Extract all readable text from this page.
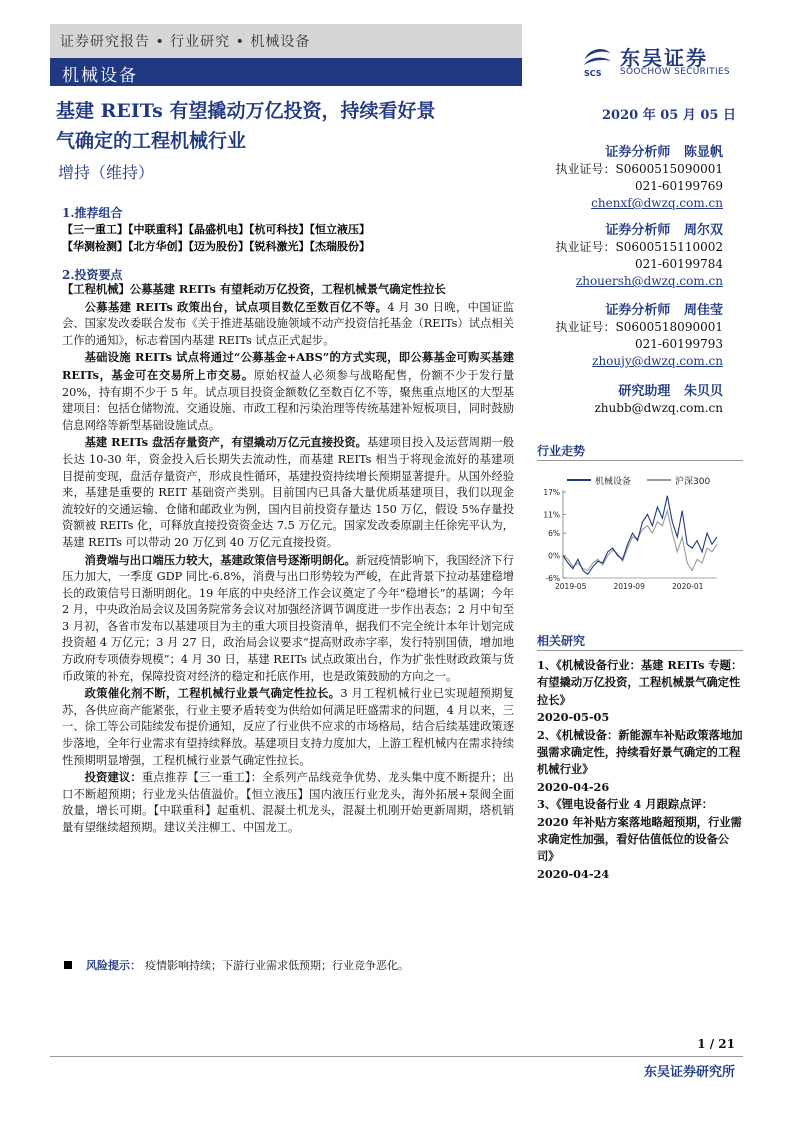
证券研究报告 • 行业研究 • 机械设备
机械设备	SCS
东吴证券
SOOCHOW SECURITIES
基建 REITs 有望撬动万亿投资，持续看好景
气确定的工程机械行业
增持（维持）
2020 年 05 月 05 日
证券分析师 陈显帆
执业证号：S0600515090001
021-60199769
chenxf@dwzq.com.cn
证券分析师 周尔双
执业证号：S0600515110002
021-60199784
zhouersh@dwzq.com.cn
证券分析师 周佳莹
执业证号：S0600518090001
021-60199793
zhoujy@dwzq.com.cn
研究助理 朱贝贝
zhubb@dwzq.com.cn
1.推荐组合
【三一重工】【中联重科】【晶盛机电】【杭可科技】【恒立液压】
【华测检测】【北方华创】【迈为股份】【锐科激光】【杰瑞股份】
2.投资要点

【工程机械】公募基建 REITs 有望耗动万亿投资，工程机械景气确定性拉长

公募基建 REITs 政策出台，试点项目数亿至数百亿不等。4 月 30 日晚，中国证监会、国家发改委联合发布《关于推进基础设施领域不动产投资信托基金（REITs）试点相关工作的通知》，标志着国内基建 REITs 试点正式起步。

基础设施 REITs 试点将通过“公募基金+ABS”的方式实现，即公募基金可购买基建 REITs，基金可在交易所上市交易。原始权益人必须参与战略配售，份额不少于发行量 20%，持有期不少于 5 年。试点项目投资金额数亿至数百亿不等，聚焦重点地区的大型基建项目：包括仓储物流、交通设施、市政工程和污染治理等传统基建补短板项目，同时鼓励信息网络等新型基础设施试点。

基建 REITs 盘活存量资产，有望撬动万亿元直接投资。基建项目投入及运营周期一般长达 10-30 年，资金投入后长期失去流动性，而基建 REITs 相当于将现金流好的基建项目提前变现，盘活存量资产，形成良性循环，基建投资持续增长预期显著提升。从国外经验来，基建是重要的 REIT 基础资产类别。目前国内已具备大量优质基建项目，我们以现金流较好的交通运输、仓储和邮政业为例，国内目前投资存量达 150 万亿，假设 5%存量投资额被 REITs 化，可释放直接投资资金达 7.5 万亿元。国家发改委原副主任徐宪平认为，基建 REITs 可以带动 20 万亿到 40 万亿元直接投资。

消费端与出口端压力较大，基建政策信号逐渐明朗化。新冠疫情影响下，我国经济下行压力加大，一季度 GDP 同比-6.8%，消费与出口形势较为严峻，在此背景下拉动基建稳增长的政策信号日渐明朗化。19 年底的中央经济工作会议奠定了今年“稳增长”的基调；今年 2 月，中央政治局会议及国务院常务会议对加强经济调节调度进一步作出表态；2 月中旬至 3 月初，各省市发布以基建项目为主的重大项目投资清单，据我们不完全统计本年计划完成投资超 4 万亿元；3 月 27 日，政治局会议要求“提高财政赤字率，发行特别国债，增加地方政府专项债券规模”；4 月 30 日，基建 REITs 试点政策出台，作为扩张性财政政策与货币政策的补充，保障投资对经济的稳定和托底作用，也是政策鼓励的方向之一。

政策催化剂不断，工程机械行业景气确定性拉长。3 月工程机械行业已实现超预期复苏，各供应商产能紧张，行业主要矛盾转变为供给如何满足旺盛需求的问题，4 月以来，三一、徐工等公司陆续发布提价通知，反应了行业供不应求的市场格局，结合后续基建政策逐步落地，全年行业需求有望持续释放。基建项目支持力度加大，上游工程机械内在需求持续性预期明显增强，工程机械行业景气确定性拉长。

投资建议：重点推荐【三一重工】：全系列产品线竞争优势、龙头集中度不断提升；出口不断超预期；行业龙头估值溢价。【恒立液压】国内液压行业龙头，海外拓展+泵阀全面放量，增长可期。【中联重科】起重机、混凝土机龙头，混凝土机刚开始更新周期，塔机销量有望继续超预期。建议关注柳工、中国龙工。

风险提示： 疫情影响持续；下游行业需求低预期；行业竞争恶化。
行业走势
机械设备	沪深300
-6%
0%
6%
11%
17%
2019-05	2019-09	2020-01
相关研究
1、《机械设备行业：基建 REITs 专题：有望撬动万亿投资，工程机械景气确定性拉长》
2020-05-05
2、《机械设备：新能源车补贴政策落地加强需求确定性，持续看好景气确定的工程机械行业》
2020-04-26
3、《锂电设备行业 4 月跟踪点评：2020 年补贴方案落地略超预期，行业需求确定性加强，看好估值低位的设备公司》
2020-04-24
1 / 21
东吴证券研究所
